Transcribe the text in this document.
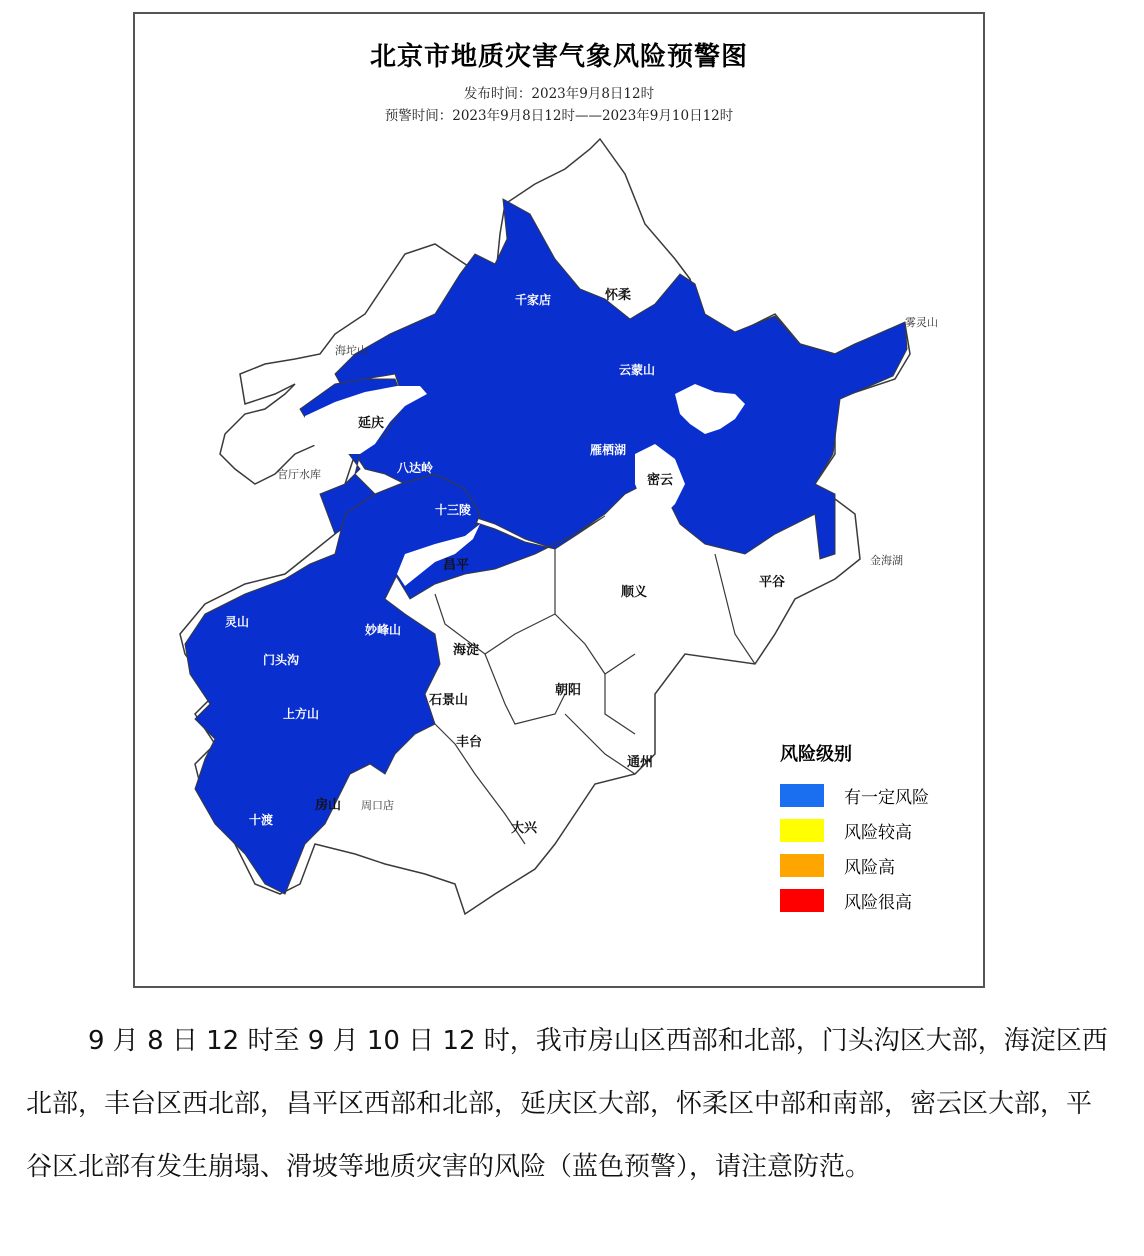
北京市地质灾害气象风险预警图
发布时间：2023年9月8日12时
预警时间：2023年9月8日12时——2023年9月10日12时
怀柔
延庆
密云
昌平
顺义
平谷
海淀
门头沟
石景山
朝阳
丰台
房山
通州
大兴
千家店
云蒙山
雾灵山
海坨山
官厅水库	八达岭
十三陵
雁栖湖
金海湖
灵山
妙峰山
上方山
周口店
十渡
风险级别
有一定风险
风险较高
风险高
风险很高
9 月 8 日 12 时至 9 月 10 日 12 时，我市房山区西部和北部，门头沟区大部，海淀区西北部，丰台区西北部，昌平区西部和北部，延庆区大部，怀柔区中部和南部，密云区大部，平谷区北部有发生崩塌、滑坡等地质灾害的风险（蓝色预警），请注意防范。
